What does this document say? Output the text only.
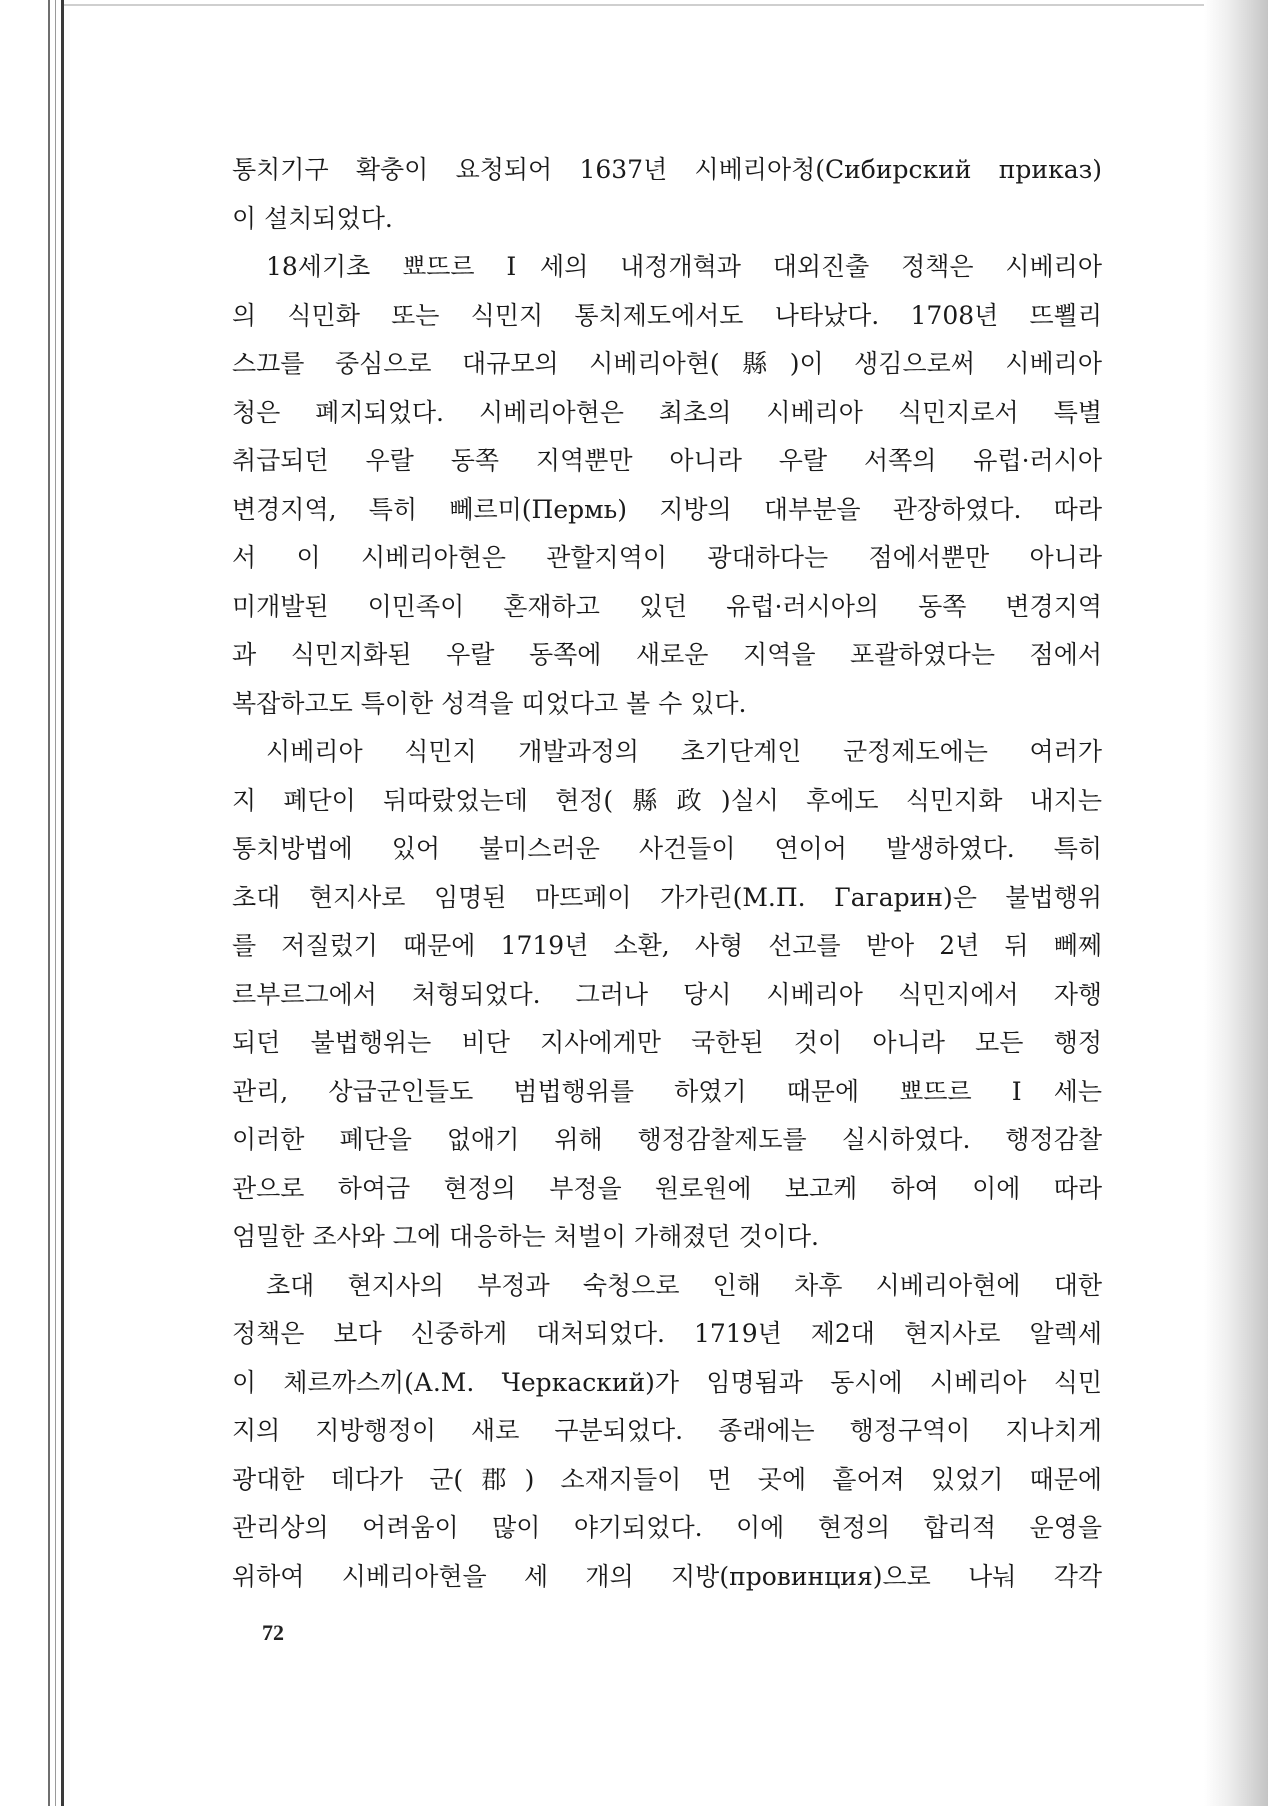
통치기구 확충이 요청되어 1637년 시베리아청(Сибирский приказ)
이 설치되었다.
18세기초 뾰뜨르 Ⅰ세의 내정개혁과 대외진출 정책은 시베리아
의 식민화 또는 식민지 통치제도에서도 나타났다. 1708년 뜨뾜리
스끄를 중심으로 대규모의 시베리아현(縣)이 생김으로써 시베리아
청은 폐지되었다. 시베리아현은 최초의 시베리아 식민지로서 특별
취급되던 우랄 동쪽 지역뿐만 아니라 우랄 서쪽의 유럽·러시아
변경지역, 특히 뻬르미(Пермь) 지방의 대부분을 관장하였다. 따라
서 이 시베리아현은 관할지역이 광대하다는 점에서뿐만 아니라
미개발된 이민족이 혼재하고 있던 유럽·러시아의 동쪽 변경지역
과 식민지화된 우랄 동쪽에 새로운 지역을 포괄하였다는 점에서
복잡하고도 특이한 성격을 띠었다고 볼 수 있다.
시베리아 식민지 개발과정의 초기단계인 군정제도에는 여러가
지 폐단이 뒤따랐었는데 현정(縣政)실시 후에도 식민지화 내지는
통치방법에 있어 불미스러운 사건들이 연이어 발생하였다. 특히
초대 현지사로 임명된 마뜨페이 가가린(М.П. Гагарин)은 불법행위
를 저질렀기 때문에 1719년 소환, 사형 선고를 받아 2년 뒤 뻬쩨
르부르그에서 처형되었다. 그러나 당시 시베리아 식민지에서 자행
되던 불법행위는 비단 지사에게만 국한된 것이 아니라 모든 행정
관리, 상급군인들도 범법행위를 하였기 때문에 뾰뜨르 Ⅰ세는
이러한 폐단을 없애기 위해 행정감찰제도를 실시하였다. 행정감찰
관으로 하여금 현정의 부정을 원로원에 보고케 하여 이에 따라
엄밀한 조사와 그에 대응하는 처벌이 가해졌던 것이다.
초대 현지사의 부정과 숙청으로 인해 차후 시베리아현에 대한
정책은 보다 신중하게 대처되었다. 1719년 제2대 현지사로 알렉세
이 체르까스끼(А.М. Черкаский)가 임명됨과 동시에 시베리아 식민
지의 지방행정이 새로 구분되었다. 종래에는 행정구역이 지나치게
광대한 데다가 군(郡) 소재지들이 먼 곳에 흩어져 있었기 때문에
관리상의 어려움이 많이 야기되었다. 이에 현정의 합리적 운영을
위하여 시베리아현을 세 개의 지방(провинция)으로 나눠 각각
72
